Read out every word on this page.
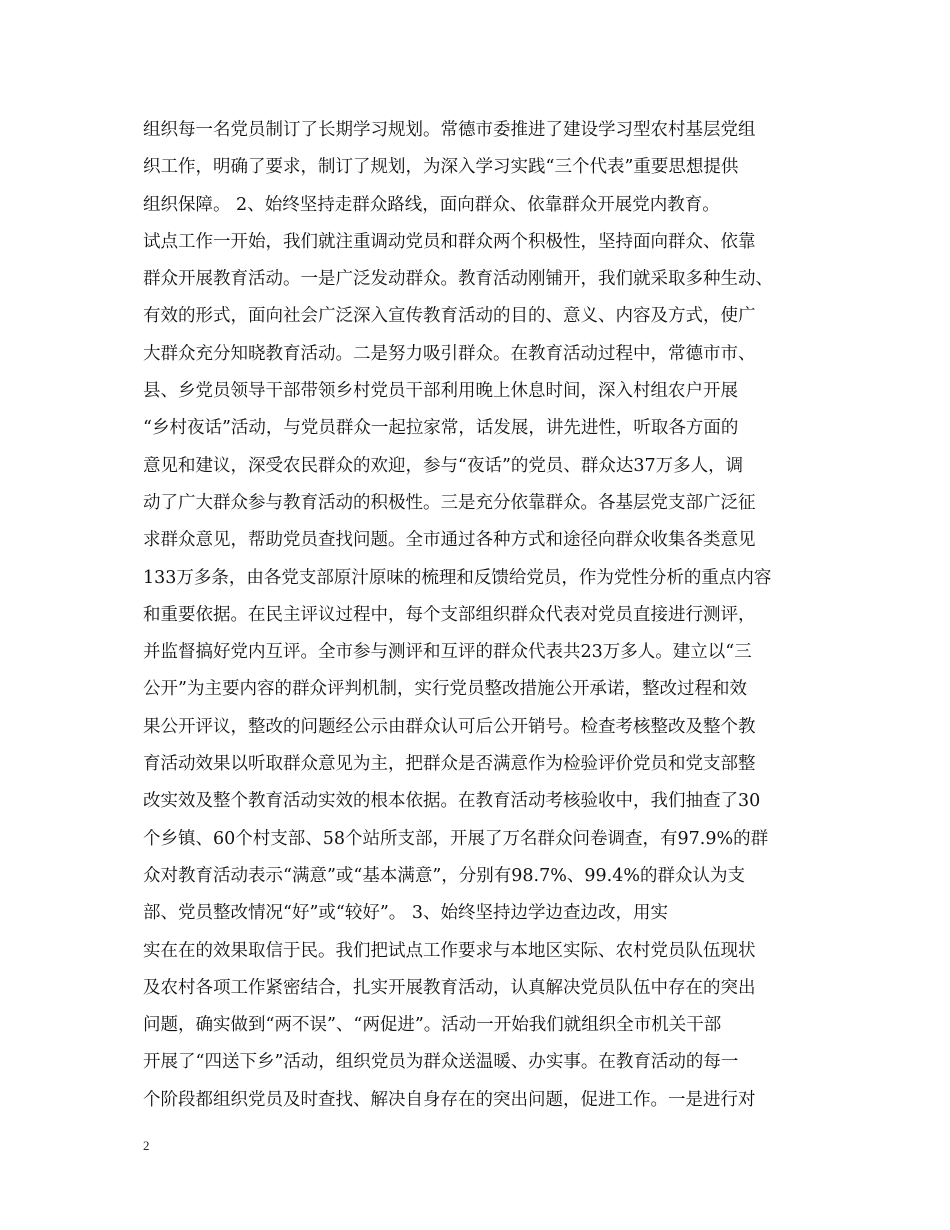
组织每一名党员制订了长期学习规划。常德市委推进了建设学习型农村基层党组
织工作，明确了要求，制订了规划，为深入学习实践“三个代表”重要思想提供
组织保障。 2、始终坚持走群众路线，面向群众、依靠群众开展党内教育。
试点工作一开始，我们就注重调动党员和群众两个积极性，坚持面向群众、依靠
群众开展教育活动。一是广泛发动群众。教育活动刚铺开，我们就采取多种生动、
有效的形式，面向社会广泛深入宣传教育活动的目的、意义、内容及方式，使广
大群众充分知晓教育活动。二是努力吸引群众。在教育活动过程中，常德市市、
县、乡党员领导干部带领乡村党员干部利用晚上休息时间，深入村组农户开展
“乡村夜话”活动，与党员群众一起拉家常，话发展，讲先进性，听取各方面的
意见和建议，深受农民群众的欢迎，参与“夜话”的党员、群众达37万多人，调
动了广大群众参与教育活动的积极性。三是充分依靠群众。各基层党支部广泛征
求群众意见，帮助党员查找问题。全市通过各种方式和途径向群众收集各类意见
133万多条，由各党支部原汁原味的梳理和反馈给党员，作为党性分析的重点内容
和重要依据。在民主评议过程中，每个支部组织群众代表对党员直接进行测评，
并监督搞好党内互评。全市参与测评和互评的群众代表共23万多人。建立以“三
公开”为主要内容的群众评判机制，实行党员整改措施公开承诺，整改过程和效
果公开评议，整改的问题经公示由群众认可后公开销号。检查考核整改及整个教
育活动效果以听取群众意见为主，把群众是否满意作为检验评价党员和党支部整
改实效及整个教育活动实效的根本依据。在教育活动考核验收中，我们抽查了30
个乡镇、60个村支部、58个站所支部，开展了万名群众问卷调查，有97.9%的群
众对教育活动表示“满意”或“基本满意”，分别有98.7%、99.4%的群众认为支
部、党员整改情况“好”或“较好”。 3、始终坚持边学边查边改，用实
实在在的效果取信于民。我们把试点工作要求与本地区实际、农村党员队伍现状
及农村各项工作紧密结合，扎实开展教育活动，认真解决党员队伍中存在的突出
问题，确实做到“两不误”、“两促进”。活动一开始我们就组织全市机关干部
开展了“四送下乡”活动，组织党员为群众送温暖、办实事。在教育活动的每一
个阶段都组织党员及时查找、解决自身存在的突出问题，促进工作。一是进行对
2
